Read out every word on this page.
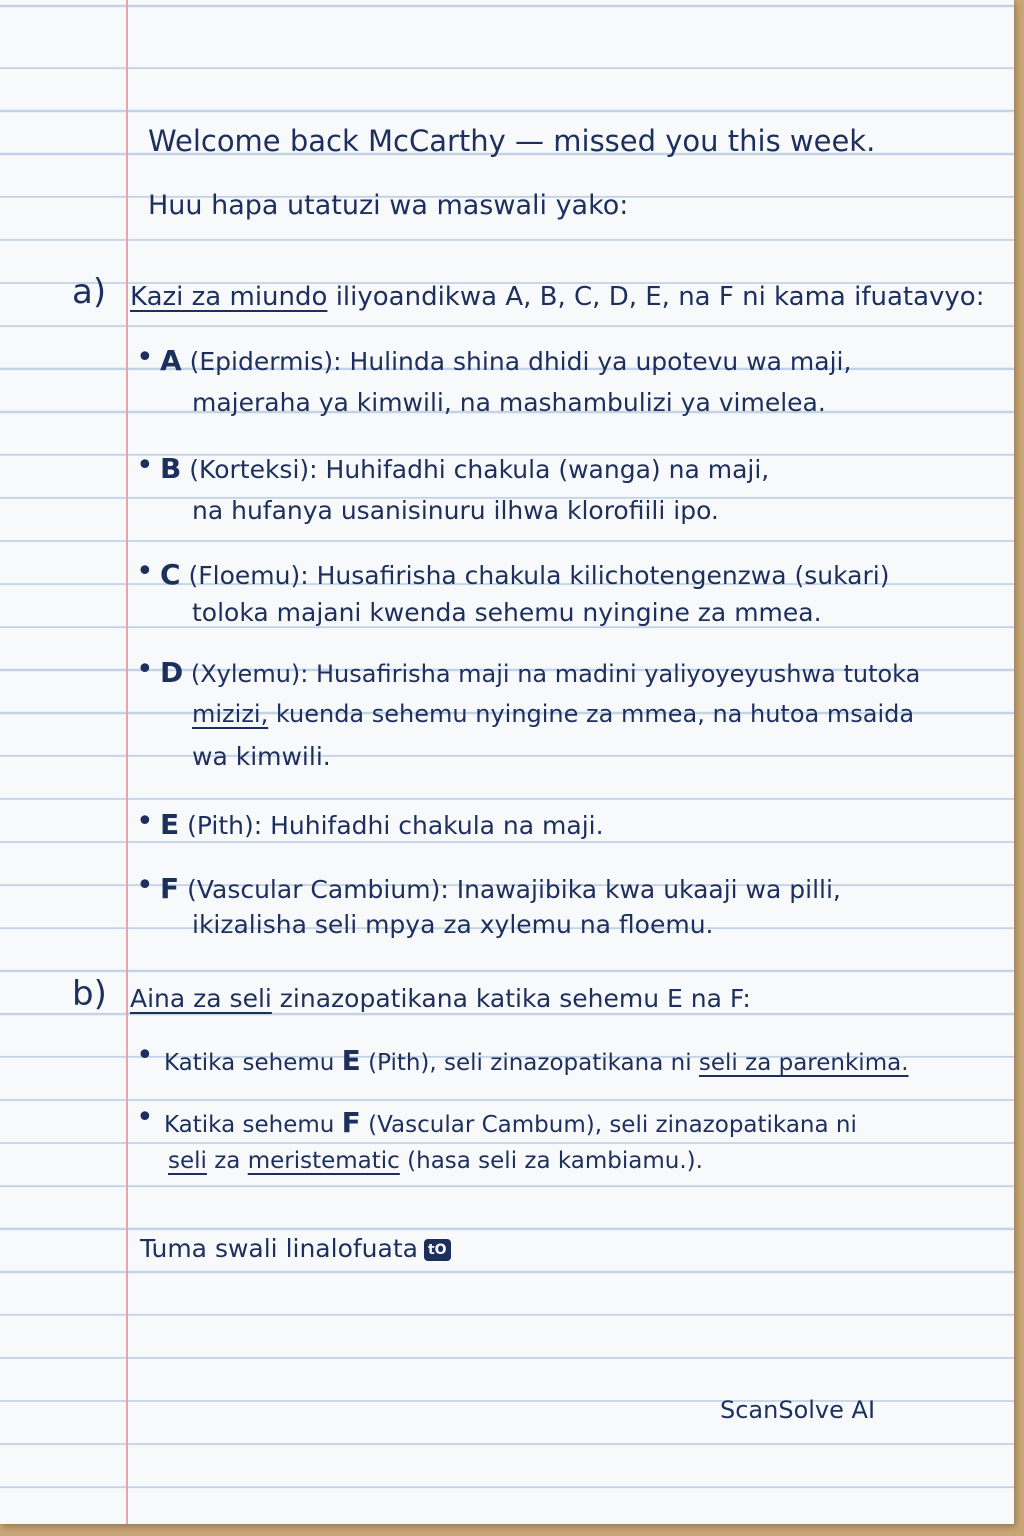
Welcome back McCarthy — missed you this week.
Huu hapa utatuzi wa maswali yako:
a) Kazi za miundo iliyoandikwa A, B, C, D, E, na F ni kama ifuatavyo:
• A (Epidermis): Hulinda shina dhidi ya upotevu wa maji,
majeraha ya kimwili, na mashambulizi ya vimelea.
• B (Korteksi): Huhifadhi chakula (wanga) na maji,
na hufanya usanisinuru ilhwa klorofiili ipo.
• C (Floemu): Husafirisha chakula kilichotengenzwa (sukari)
toloka majani kwenda sehemu nyingine za mmea.
• D (Xylemu): Husafirisha maji na madini yaliyoyeyushwa tutoka
mizizi, kuenda sehemu nyingine za mmea, na hutoa msaida
wa kimwili.
• E (Pith): Huhifadhi chakula na maji.
• F (Vascular Cambium): Inawajibika kwa ukaaji wa pilli,
ikizalisha seli mpya za xylemu na floemu.
b) Aina za seli zinazopatikana katika sehemu E na F:
• Katika sehemu E (Pith), seli zinazopatikana ni seli za parenkima.
• Katika sehemu F (Vascular Cambum), seli zinazopatikana ni
seli za meristematic (hasa seli za kambiamu.).
Tuma swali linalofuata tO
ScanSolve AI
